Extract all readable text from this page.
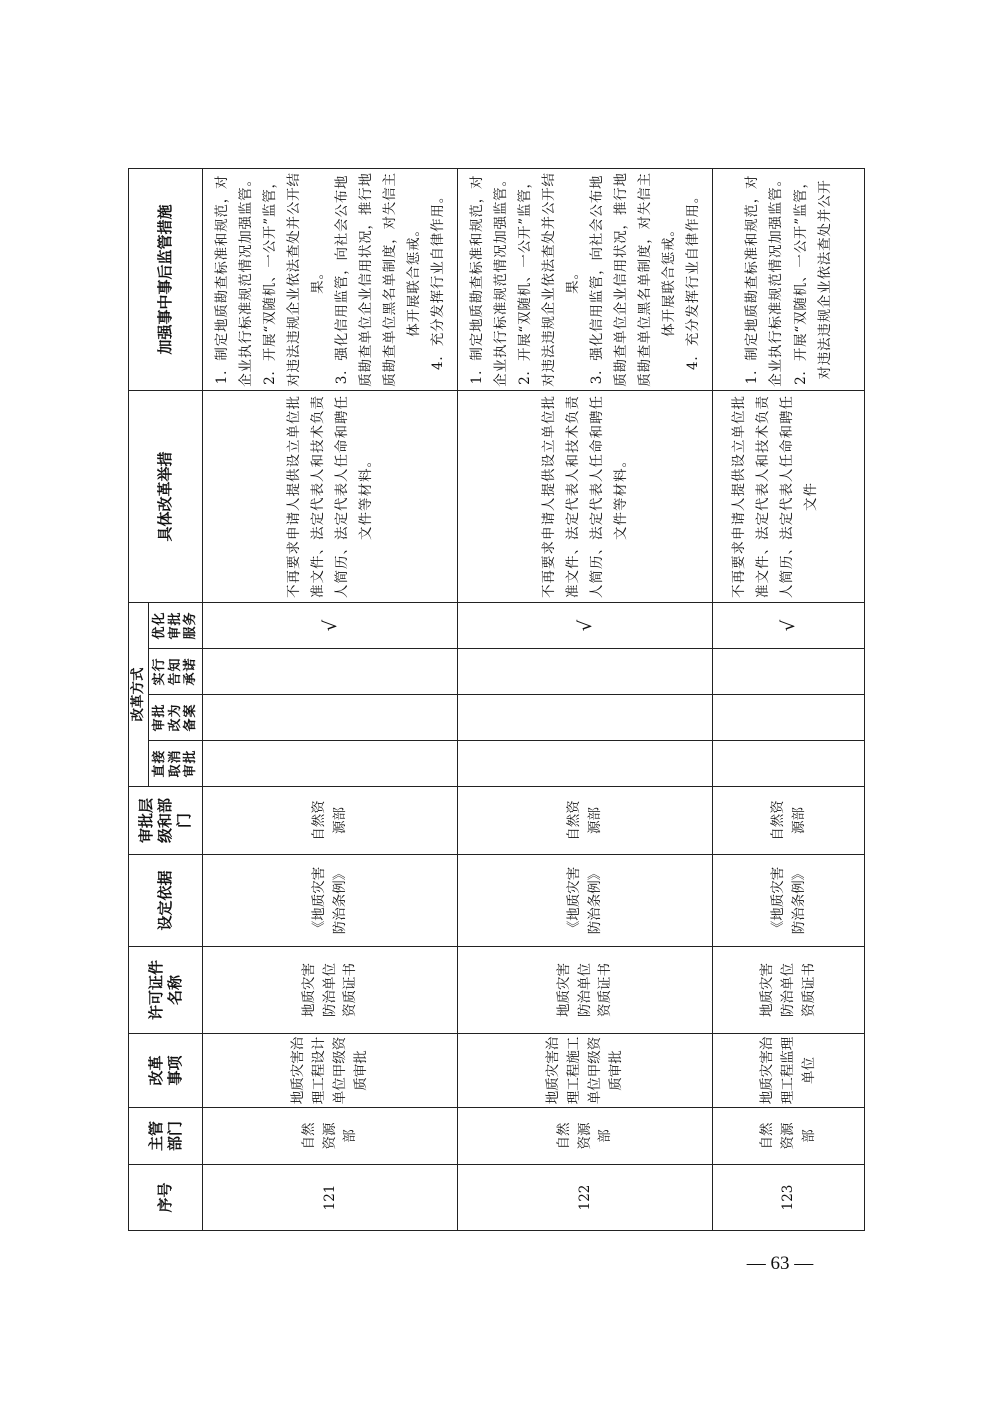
序号	主管部门	改革事项	许可证件名称	设定依据	审批层级和部门	改革方式				具体改革举措	加强事中事后监管措施
						直接取消审批	审批改为备案	实行告知承诺	优化审批服务		
121	自然资源部	地质灾害治理工程设计单位甲级资质审批	地质灾害防治单位资质证书	《地质灾害防治条例》	自然资源部				√	不再要求申请人提供设立单位批准文件、法定代表人和技术负责人简历、法定代表人任命和聘任文件等材料。	1．制定地质勘查标准和规范，对企业执行标准规范情况加强监管。 2．开展“双随机、一公开”监管，对违法违规企业依法查处并公开结果。 3．强化信用监管，向社会公布地质勘查单位企业信用状况，推行地质勘查单位黑名单制度，对失信主体开展联合惩戒。 4．充分发挥行业自律作用。

122	自然资源部	地质灾害治理工程施工单位甲级资质审批	地质灾害防治单位资质证书	《地质灾害防治条例》	自然资源部				√	不再要求申请人提供设立单位批准文件、法定代表人和技术负责人简历、法定代表人任命和聘任文件等材料。	1．制定地质勘查标准和规范，对企业执行标准规范情况加强监管。 2．开展“双随机、一公开”监管，对违法违规企业依法查处并公开结果。 3．强化信用监管，向社会公布地质勘查单位企业信用状况，推行地质勘查单位黑名单制度，对失信主体开展联合惩戒。 4．充分发挥行业自律作用。

123	自然资源部	地质灾害治理工程监理单位	地质灾害防治单位资质证书	《地质灾害防治条例》	自然资源部				√	不再要求申请人提供设立单位批准文件、法定代表人和技术负责人简历、法定代表人任命和聘任文件	1．制定地质勘查标准和规范，对企业执行标准规范情况加强监管。 2．开展“双随机、一公开”监管，对违法违规企业依法查处并公开
— 63 —
